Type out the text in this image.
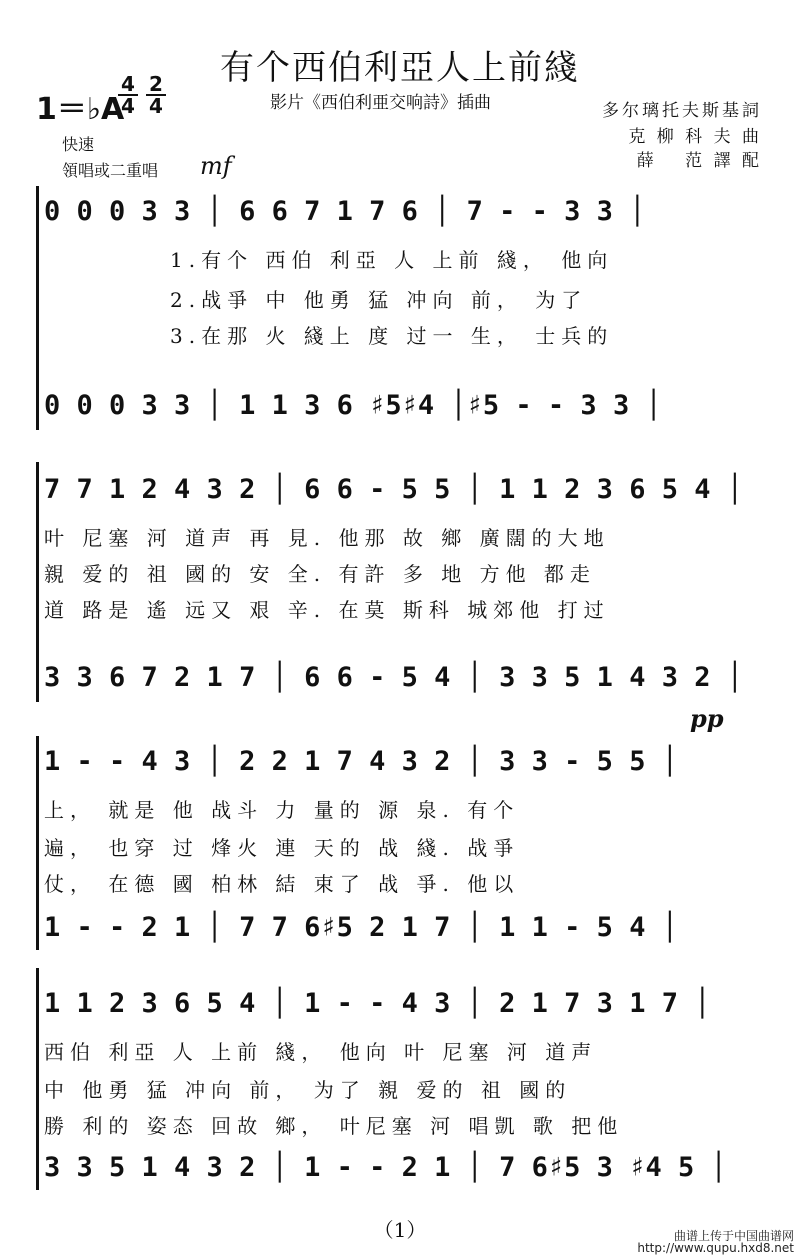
有个西伯利亞人上前綫
1＝♭A
4
4
2
4	影片《西伯利亜交响詩》插曲	多尔璃托夫斯基詞
克 柳 科 夫 曲
薛　 范 譯 配
快速
領唱或二重唱 mf
0 0 0 3 3 │ 6 6 7 1 7 6 │ 7 - - 3 3 │
1.有个 西伯 利亞 人 上前 綫， 他向
2.战爭 中 他勇 猛 冲向 前， 为了
3.在那 火 綫上 度 过一 生， 士兵的
0 0 0 3 3 │ 1 1 3 6 ♯5♯4 │♯5 - - 3 3 │
7 7 1 2 4 3 2 │ 6 6 - 5 5 │ 1 1 2 3 6 5 4 │
叶 尼塞 河 道声 再 見. 他那 故 鄉 廣闊的大地
親 爱的 祖 國的 安 全. 有許 多 地 方他 都走
道 路是 遙 远又 艰 辛. 在莫 斯科 城郊他 打过
3 3 6 7 2 1 7 │ 6 6 - 5 4 │ 3 3 5 1 4 3 2 │
pp
1 - - 4 3 │ 2 2 1 7 4 3 2 │ 3 3 - 5 5 │
上， 就是 他 战斗 力 量的 源 泉. 有个
遍， 也穿 过 烽火 連 天的 战 綫. 战爭
仗， 在德 國 柏林 結 束了 战 爭. 他以
1 - - 2 1 │ 7 7 6♯5 2 1 7 │ 1 1 - 5 4 │
1 1 2 3 6 5 4 │ 1 - - 4 3 │ 2 1 7 3 1 7 │
西伯 利亞 人 上前 綫， 他向 叶 尼塞 河 道声
中 他勇 猛 冲向 前， 为了 親 爱的 祖 國的
勝 利的 姿态 回故 鄉， 叶尼塞 河 唱凱 歌 把他
3 3 5 1 4 3 2 │ 1 - - 2 1 │ 7 6♯5 3 ♯4 5 │
（1）	曲谱上传于中国曲谱网
http://www.qupu.hxd8.net
